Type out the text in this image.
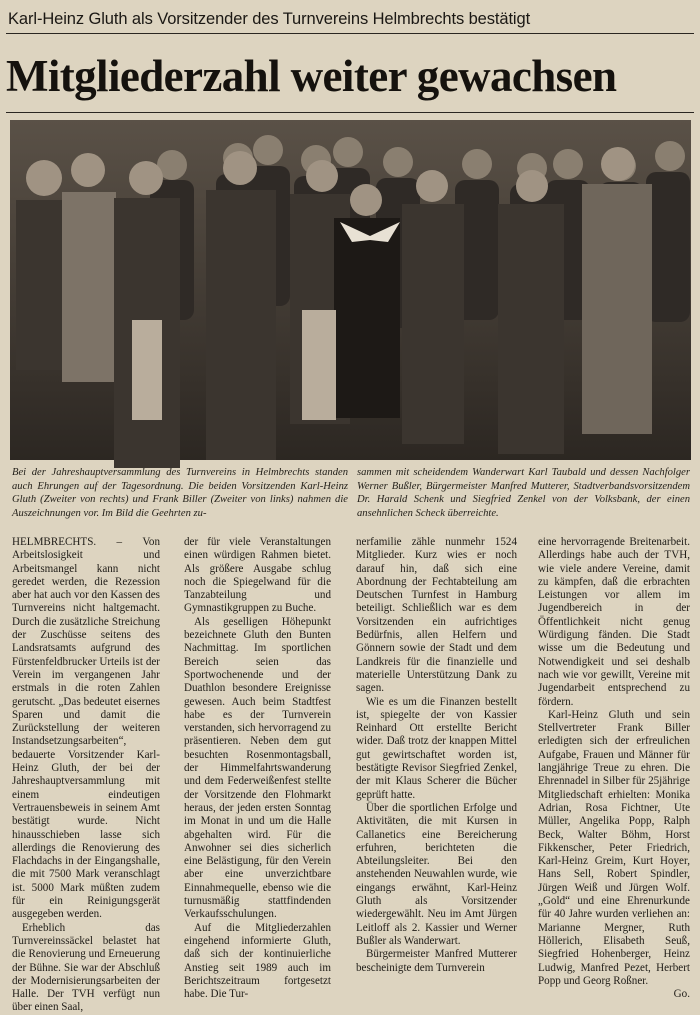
Karl-Heinz Gluth als Vorsitzender des Turnvereins Helmbrechts bestätigt
Mitgliederzahl weiter gewachsen
Bei der Jahreshauptversammlung des Turnvereins in Helmbrechts standen auch Ehrungen auf der Tagesordnung. Die beiden Vorsitzenden Karl-Heinz Gluth (Zweiter von rechts) und Frank Biller (Zweiter von links) nahmen die Auszeichnungen vor. Im Bild die Geehrten zu-
sammen mit scheidendem Wanderwart Karl Taubald und dessen Nachfolger Werner Bußler, Bürgermeister Manfred Mutterer, Stadtverbandsvorsitzendem Dr. Harald Schenk und Siegfried Zenkel von der Volksbank, der einen ansehnlichen Scheck überreichte.

HELMBRECHTS. – Von Arbeitslosigkeit und Arbeitsmangel kann nicht geredet werden, die Rezession aber hat auch vor den Kassen des Turnvereins nicht haltgemacht. Durch die zusätzliche Streichung der Zuschüsse seitens des Landsratsamts aufgrund des Fürstenfeldbrucker Urteils ist der Verein im vergangenen Jahr erstmals in die roten Zahlen gerutscht. „Das bedeutet eisernes Sparen und damit die Zurückstellung der weiteren Instandsetzungsarbeiten“, bedauerte Vorsitzender Karl-Heinz Gluth, der bei der Jahreshauptversammlung mit einem eindeutigen Vertrauensbeweis in seinem Amt bestätigt wurde. Nicht hinausschieben lasse sich allerdings die Renovierung des Flachdachs in der Eingangshalle, die mit 7500 Mark veranschlagt ist. 5000 Mark müßten zudem für ein Reinigungsgerät ausgegeben werden.

Erheblich das Turnvereinssäckel belastet hat die Renovierung und Erneuerung der Bühne. Sie war der Abschluß der Modernisierungsarbeiten der Halle. Der TVH verfügt nun über einen Saal,

der für viele Veranstaltungen einen würdigen Rahmen bietet. Als größere Ausgabe schlug noch die Spiegelwand für die Tanzabteilung und Gymnastikgruppen zu Buche.

Als geselligen Höhepunkt bezeichnete Gluth den Bunten Nachmittag. Im sportlichen Bereich seien das Sportwochenende und der Duathlon besondere Ereignisse gewesen. Auch beim Stadtfest habe es der Turnverein verstanden, sich hervorragend zu präsentieren. Neben dem gut besuchten Rosenmontagsball, der Himmelfahrtswanderung und dem Federweißenfest stellte der Vorsitzende den Flohmarkt heraus, der jeden ersten Sonntag im Monat in und um die Halle abgehalten wird. Für die Anwohner sei dies sicherlich eine Belästigung, für den Verein aber eine unverzichtbare Einnahmequelle, ebenso wie die turnusmäßig stattfindenden Verkaufsschulungen.

Auf die Mitgliederzahlen eingehend informierte Gluth, daß sich der kontinuierliche Anstieg seit 1989 auch im Berichtszeitraum fortgesetzt habe. Die Tur-

nerfamilie zähle nunmehr 1524 Mitglieder. Kurz wies er noch darauf hin, daß sich eine Abordnung der Fechtabteilung am Deutschen Turnfest in Hamburg beteiligt. Schließlich war es dem Vorsitzenden ein aufrichtiges Bedürfnis, allen Helfern und Gönnern sowie der Stadt und dem Landkreis für die finanzielle und materielle Unterstützung Dank zu sagen.

Wie es um die Finanzen bestellt ist, spiegelte der von Kassier Reinhard Ott erstellte Bericht wider. Daß trotz der knappen Mittel gut gewirtschaftet worden ist, bestätigte Revisor Siegfried Zenkel, der mit Klaus Scherer die Bücher geprüft hatte.

Über die sportlichen Erfolge und Aktivitäten, die mit Kursen in Callanetics eine Bereicherung erfuhren, berichteten die Abteilungsleiter. Bei den anstehenden Neuwahlen wurde, wie eingangs erwähnt, Karl-Heinz Gluth als Vorsitzender wiedergewählt. Neu im Amt Jürgen Leitloff als 2. Kassier und Werner Bußler als Wanderwart.

Bürgermeister Manfred Mutterer bescheinigte dem Turnverein

eine hervorragende Breitenarbeit. Allerdings habe auch der TVH, wie viele andere Vereine, damit zu kämpfen, daß die erbrachten Leistungen vor allem im Jugendbereich in der Öffentlichkeit nicht genug Würdigung fänden. Die Stadt wisse um die Bedeutung und Notwendigkeit und sei deshalb nach wie vor gewillt, Vereine mit Jugendarbeit entsprechend zu fördern.

Karl-Heinz Gluth und sein Stellvertreter Frank Biller erledigten sich der erfreulichen Aufgabe, Frauen und Männer für langjährige Treue zu ehren. Die Ehrennadel in Silber für 25jährige Mitgliedschaft erhielten: Monika Adrian, Rosa Fichtner, Ute Müller, Angelika Popp, Ralph Beck, Walter Böhm, Horst Fikkenscher, Peter Friedrich, Karl-Heinz Greim, Kurt Hoyer, Hans Sell, Robert Spindler, Jürgen Weiß und Jürgen Wolf. „Gold“ und eine Ehrenurkunde für 40 Jahre wurden verliehen an: Marianne Mergner, Ruth Höllerich, Elisabeth Seuß, Siegfried Hohenberger, Heinz Ludwig, Manfred Pezet, Herbert Popp und Georg Roßner.

Go.
